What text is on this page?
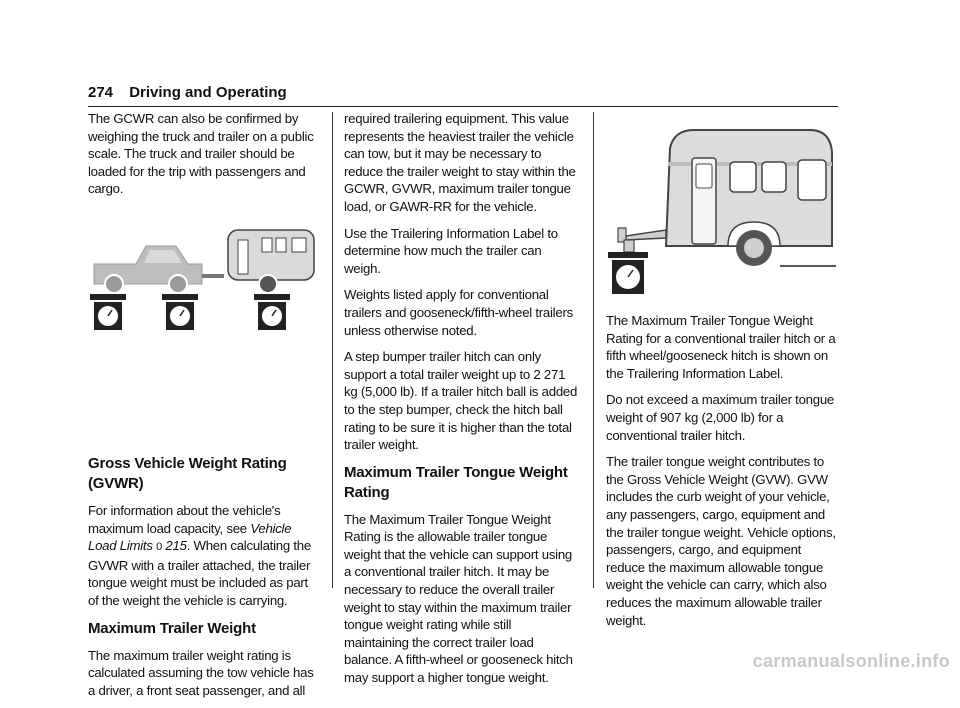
274 Driving and Operating

The GCWR can also be confirmed by weighing the truck and trailer on a public scale. The truck and trailer should be loaded for the trip with passengers and cargo.

Gross Vehicle Weight Rating (GVWR)

For information about the vehicle's maximum load capacity, see Vehicle Load Limits 0 215. When calculating the GVWR with a trailer attached, the trailer tongue weight must be included as part of the weight the vehicle is carrying.

Maximum Trailer Weight

The maximum trailer weight rating is calculated assuming the tow vehicle has a driver, a front seat passenger, and all

required trailering equipment. This value represents the heaviest trailer the vehicle can tow, but it may be necessary to reduce the trailer weight to stay within the GCWR, GVWR, maximum trailer tongue load, or GAWR-RR for the vehicle.

Use the Trailering Information Label to determine how much the trailer can weigh.

Weights listed apply for conventional trailers and gooseneck/fifth-wheel trailers unless otherwise noted.

A step bumper trailer hitch can only support a total trailer weight up to 2 271 kg (5,000 lb). If a trailer hitch ball is added to the step bumper, check the hitch ball rating to be sure it is higher than the total trailer weight.

Maximum Trailer Tongue Weight Rating

The Maximum Trailer Tongue Weight Rating is the allowable trailer tongue weight that the vehicle can support using a conventional trailer hitch. It may be necessary to reduce the overall trailer weight to stay within the maximum trailer tongue weight rating while still maintaining the correct trailer load balance. A fifth-wheel or gooseneck hitch may support a higher tongue weight.

The Maximum Trailer Tongue Weight Rating for a conventional trailer hitch or a fifth wheel/gooseneck hitch is shown on the Trailering Information Label.

Do not exceed a maximum trailer tongue weight of 907 kg (2,000 lb) for a conventional trailer hitch.

The trailer tongue weight contributes to the Gross Vehicle Weight (GVW). GVW includes the curb weight of your vehicle, any passengers, cargo, equipment and the trailer tongue weight. Vehicle options, passengers, cargo, and equipment reduce the maximum allowable tongue weight the vehicle can carry, which also reduces the maximum allowable trailer weight.

carmanualsonline.info
